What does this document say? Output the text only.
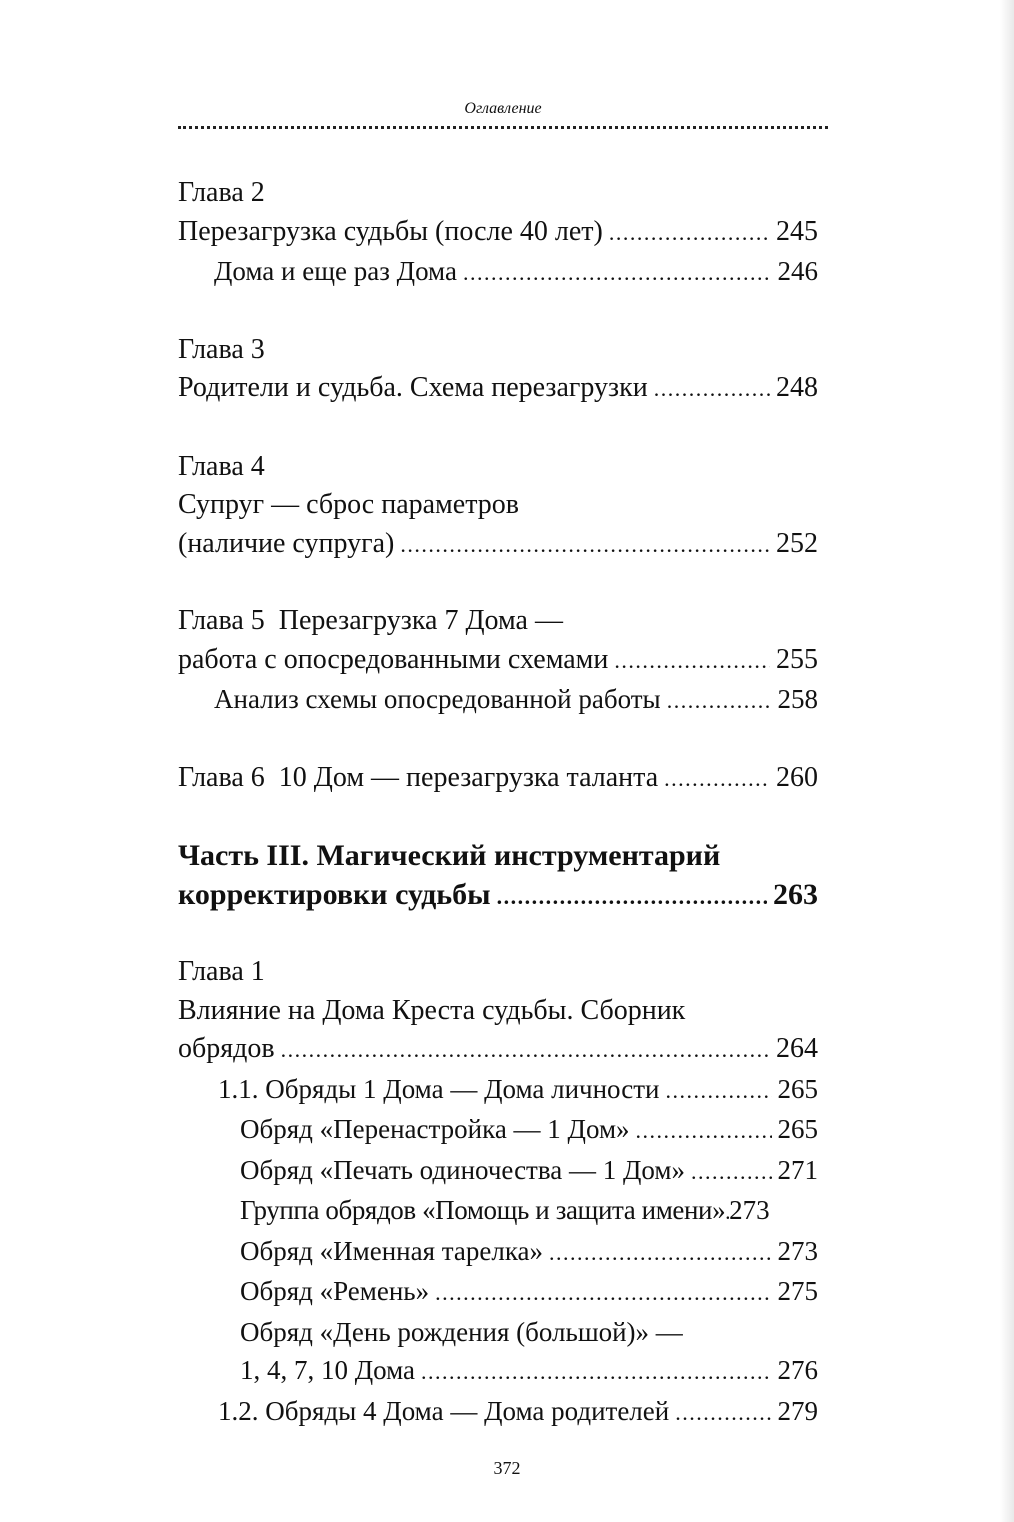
Оглавление
Глава 2
Перезагрузка судьбы (после 40 лет) . . .	245
Дома и еще раз Дома . . .	246
Глава 3
Родители и судьба. Схема перезагрузки . . .	248
Глава 4
Супруг — сброс параметров
(наличие супруга) . . .	252
Глава 5 Перезагрузка 7 Дома —
работа с опосредованными схемами . . .	255
Анализ схемы опосредованной работы . . .	258
Глава 6 10 Дом — перезагрузка таланта . . .	260
Часть III. Магический инструментарий
корректировки судьбы . . .	263
Глава 1
Влияние на Дома Креста судьбы. Сборник
обрядов . . .	264
1.1. Обряды 1 Дома — Дома личности . . .	265
Обряд «Перенастройка — 1 Дом» . . .	265
Обряд «Печать одиночества — 1 Дом» . . .	271
Группа обрядов «Помощь и защита имени» . . . 273
Обряд «Именная тарелка» . . .	273
Обряд «Ремень» . . .	275
Обряд «День рождения (большой)» —
1, 4, 7, 10 Дома . . .	276
1.2. Обряды 4 Дома — Дома родителей . . .	279
372
